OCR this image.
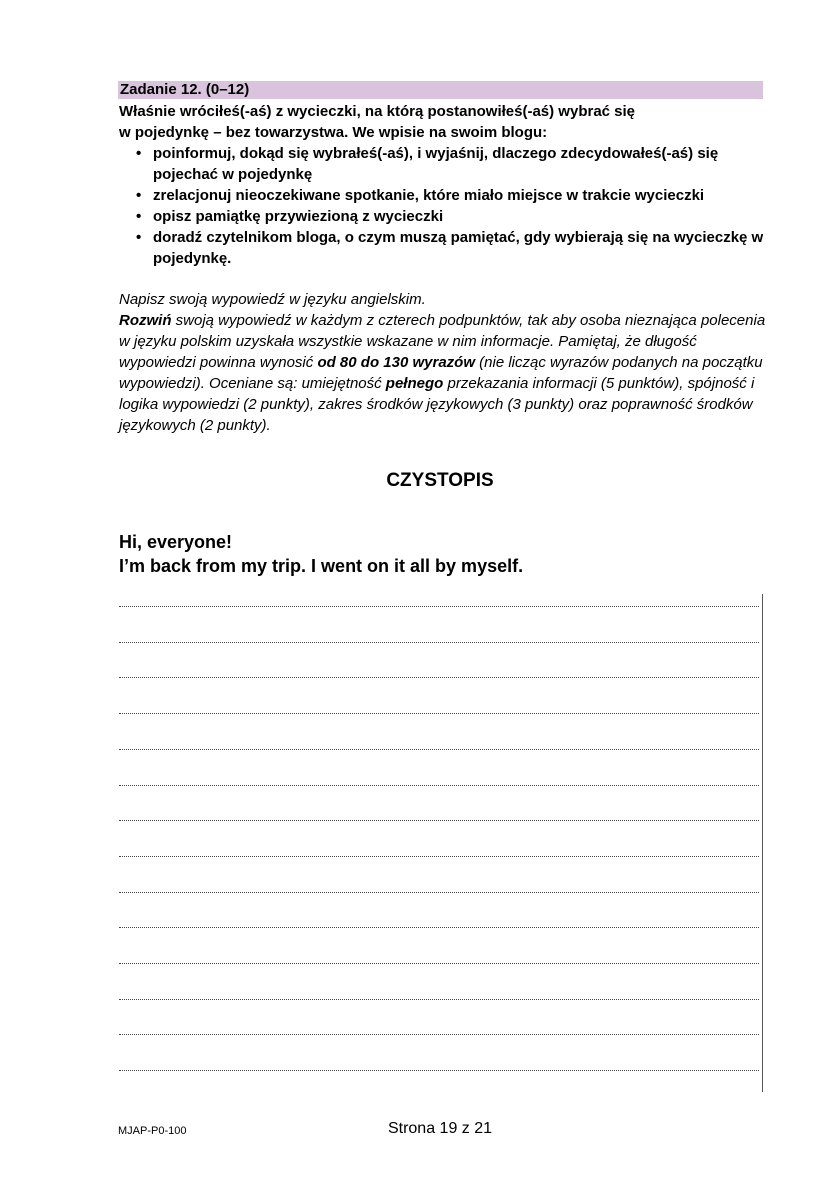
Zadanie 12. (0–12)

Właśnie wróciłeś(-aś) z wycieczki, na którą postanowiłeś(-aś) wybrać się
w pojedynkę – bez towarzystwa. We wpisie na swoim blogu:

• poinformuj, dokąd się wybrałeś(-aś), i wyjaśnij, dlaczego zdecydowałeś(-aś) się pojechać w pojedynkę
• zrelacjonuj nieoczekiwane spotkanie, które miało miejsce w trakcie wycieczki
• opisz pamiątkę przywiezioną z wycieczki
• doradź czytelnikom bloga, o czym muszą pamiętać, gdy wybierają się na wycieczkę w pojedynkę.

Napisz swoją wypowiedź w języku angielskim.

Rozwiń swoją wypowiedź w każdym z czterech podpunktów, tak aby osoba nieznająca polecenia w języku polskim uzyskała wszystkie wskazane w nim informacje. Pamiętaj, że długość wypowiedzi powinna wynosić od 80 do 130 wyrazów (nie licząc wyrazów podanych na początku wypowiedzi). Oceniane są: umiejętność pełnego przekazania informacji (5 punktów), spójność i logika wypowiedzi (2 punkty), zakres środków językowych (3 punkty) oraz poprawność środków językowych (2 punkty).

CZYSTOPIS

Hi, everyone!

I’m back from my trip. I went on it all by myself.

MJAP-P0-100	Strona 19 z 21
